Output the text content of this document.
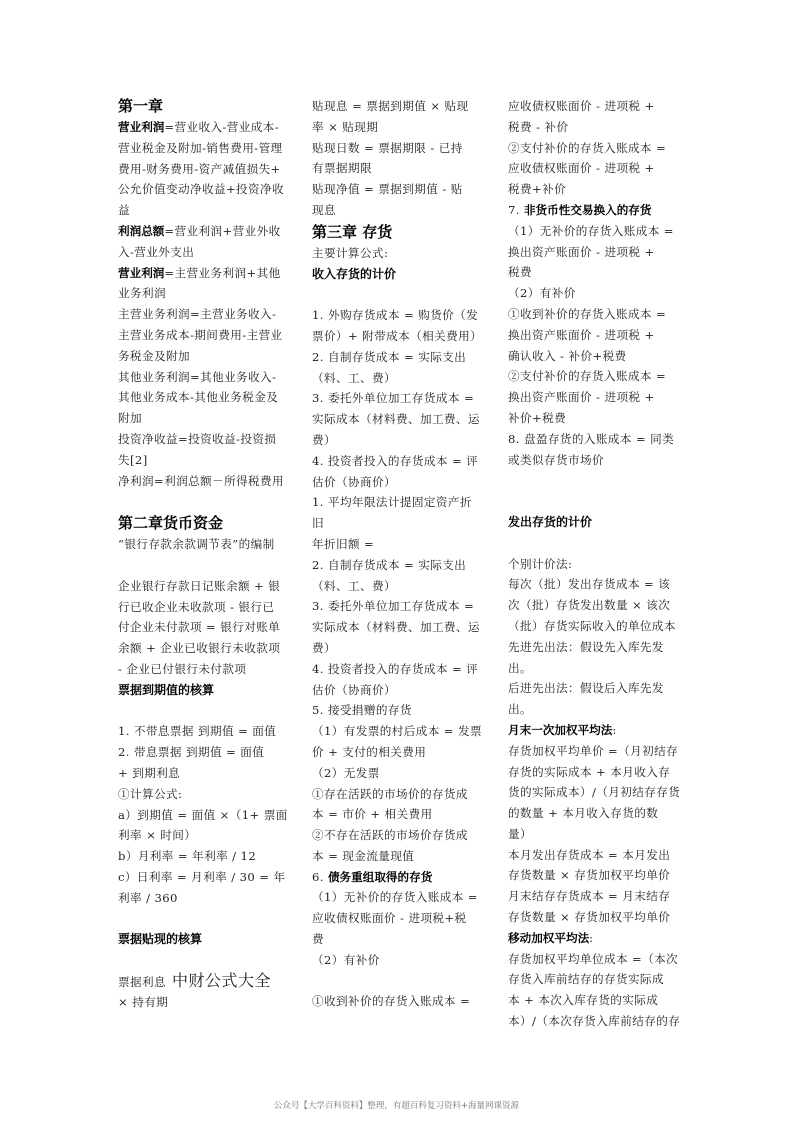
第一章
营业利润=营业收入-营业成本-
营业税金及附加-销售费用-管理
费用-财务费用-资产减值损失+
公允价值变动净收益+投资净收
益
利润总额=营业利润+营业外收
入-营业外支出
营业利润=主营业务利润+其他
业务利润
主营业务利润=主营业务收入-
主营业务成本-期间费用-主营业
务税金及附加
其他业务利润=其他业务收入-
其他业务成本-其他业务税金及
附加
投资净收益=投资收益-投资损
失[2]
净利润=利润总额－所得税费用
第二章货币资金
“银行存款余款调节表”的编制
企业银行存款日记账余额 + 银
行已收企业未收款项 - 银行已
付企业未付款项 = 银行对账单
余额 + 企业已收银行未收款项
- 企业已付银行未付款项
票据到期值的核算
1. 不带息票据 到期值 = 面值
2. 带息票据 到期值 = 面值
+ 到期利息
①计算公式:
a）到期值 = 面值 ×（1+ 票面
利率 × 时间）
b）月利率 = 年利率 / 12
c）日利率 = 月利率 / 30 = 年
利率 / 360
票据贴现的核算
票据利息 中财公式大全
× 持有期
贴现息 = 票据到期值 × 贴现
率 × 贴现期
贴现日数 = 票据期限 - 已持
有票据期限
贴现净值 = 票据到期值 - 贴
现息
第三章 存货
主要计算公式:
收入存货的计价
1. 外购存货成本 = 购货价（发
票价）+ 附带成本（相关费用）
2. 自制存货成本 = 实际支出
（料、工、费）
3. 委托外单位加工存货成本 =
实际成本（材料费、加工费、运
费）
4. 投资者投入的存货成本 = 评
估价（协商价）
1. 平均年限法计提固定资产折
旧
年折旧额 =
2. 自制存货成本 = 实际支出
（料、工、费）
3. 委托外单位加工存货成本 =
实际成本（材料费、加工费、运
费）
4. 投资者投入的存货成本 = 评
估价（协商价）
5. 接受捐赠的存货
（1）有发票的村后成本 = 发票
价 + 支付的相关费用
（2）无发票
①存在活跃的市场价的存货成
本 = 市价 + 相关费用
②不存在活跃的市场价存货成
本 = 现金流量现值
6. 债务重组取得的存货
（1）无补价的存货入账成本 =
应收债权账面价 - 进项税+税
费
（2）有补价
①收到补价的存货入账成本 =
应收债权账面价 - 进项税 +
税费 - 补价
②支付补价的存货入账成本 =
应收债权账面价 - 进项税 +
税费+补价
7. 非货币性交易换入的存货
（1）无补价的存货入账成本 =
换出资产账面价 - 进项税 +
税费
（2）有补价
①收到补价的存货入账成本 =
换出资产账面价 - 进项税 +
确认收入 - 补价+税费
②支付补价的存货入账成本 =
换出资产账面价 - 进项税 +
补价+税费
8. 盘盈存货的入账成本 = 同类
或类似存货市场价
发出存货的计价
个别计价法:
每次（批）发出存货成本 = 该
次（批）存货发出数量 × 该次
（批）存货实际收入的单位成本
先进先出法：假设先入库先发
出。
后进先出法：假设后入库先发
出。
月末一次加权平均法:
存货加权平均单价 =（月初结存
存货的实际成本 + 本月收入存
货的实际成本）/（月初结存存货
的数量 + 本月收入存货的数
量）
本月发出存货成本 = 本月发出
存货数量 × 存货加权平均单价
月末结存存货成本 = 月末结存
存货数量 × 存货加权平均单价
移动加权平均法:
存货加权平均单位成本 =（本次
存货入库前结存的存货实际成
本 + 本次入库存货的实际成
本）/（本次存货入库前结存的存
公众号【大学百科资料】整理，有超百科复习资料+海量网课资源
